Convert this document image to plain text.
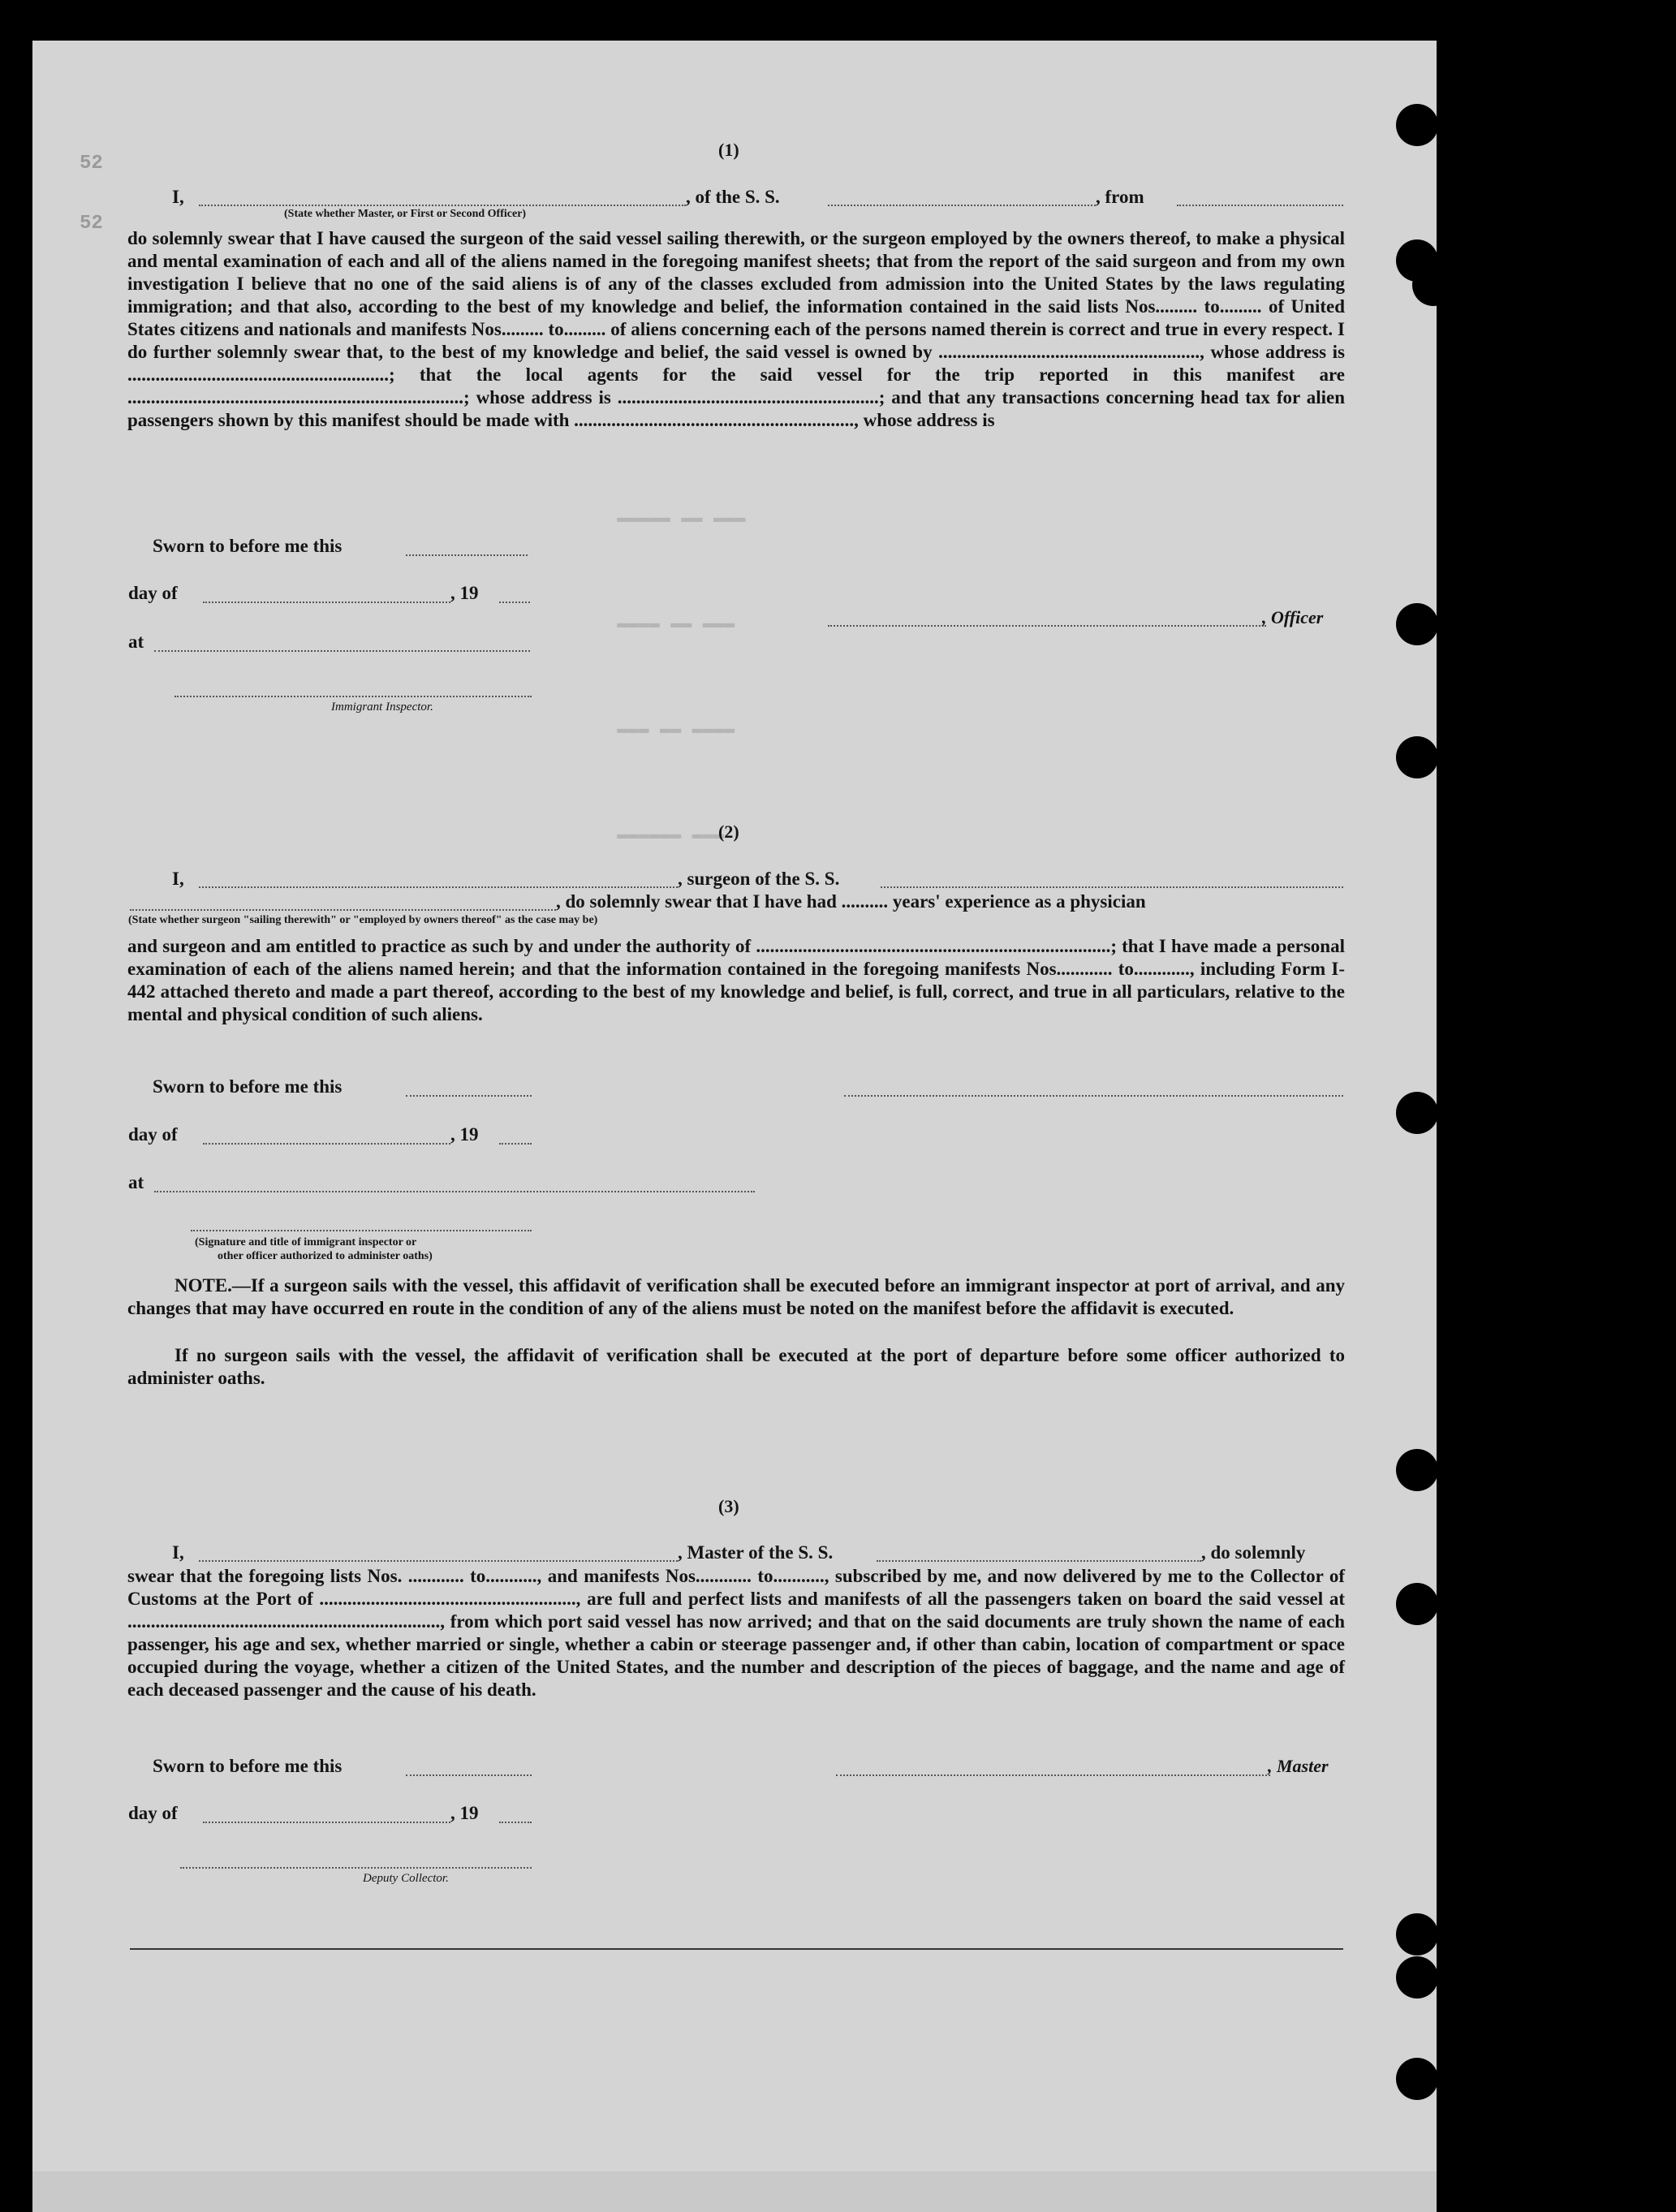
52
52
▬▬▬ ▬▬ ▬▬▬▬▬
▬▬▬ ▬▬ ▬▬▬▬
▬▬▬▬ ▬▬ ▬▬▬
▬▬▬ ▬▬▬▬▬▬
(1)
I,	, of the S. S.	, from
(State whether Master, or First or Second Officer)
do solemnly swear that I have caused the surgeon of the said vessel sailing therewith, or the surgeon employed by the owners thereof, to make a physical and mental examination of each and all of the aliens named in the foregoing manifest sheets; that from the report of the said surgeon and from my own investigation I believe that no one of the said aliens is of any of the classes excluded from admission into the United States by the laws regulating immigration; and that also, according to the best of my knowledge and belief, the information contained in the said lists Nos......... to......... of United States citizens and nationals and manifests Nos......... to......... of aliens concerning each of the persons named therein is correct and true in every respect. I do further solemnly swear that, to the best of my knowledge and belief, the said vessel is owned by ........................................................, whose address is ........................................................; that the local agents for the said vessel for the trip reported in this manifest are ........................................................................; whose address is ........................................................; and that any transactions concerning head tax for alien passengers shown by this manifest should be made with ............................................................, whose address is
Sworn to before me this
day of	, 19
at
, Officer
Immigrant Inspector.
(2)
I,	, surgeon of the S. S.
, do solemnly swear that I have had .......... years' experience as a physician
(State whether surgeon "sailing therewith" or "employed by owners thereof" as the case may be)
and surgeon and am entitled to practice as such by and under the authority of ............................................................................; that I have made a personal examination of each of the aliens named herein; and that the information contained in the foregoing manifests Nos............ to............, including Form I-442 attached thereto and made a part thereof, according to the best of my knowledge and belief, is full, correct, and true in all particulars, relative to the mental and physical condition of such aliens.
Sworn to before me this
day of	, 19
at
(Signature and title of immigrant inspector or
other officer authorized to administer oaths)
NOTE.—If a surgeon sails with the vessel, this affidavit of verification shall be executed before an immigrant inspector at port of arrival, and any changes that may have occurred en route in the condition of any of the aliens must be noted on the manifest before the affidavit is executed.
If no surgeon sails with the vessel, the affidavit of verification shall be executed at the port of departure before some officer authorized to administer oaths.
(3)
I,	, Master of the S. S.	, do solemnly
swear that the foregoing lists Nos. ............ to..........., and manifests Nos............ to..........., subscribed by me, and now delivered by me to the Collector of Customs at the Port of ......................................................., are full and perfect lists and manifests of all the passengers taken on board the said vessel at ..................................................................., from which port said vessel has now arrived; and that on the said documents are truly shown the name of each passenger, his age and sex, whether married or single, whether a cabin or steerage passenger and, if other than cabin, location of compartment or space occupied during the voyage, whether a citizen of the United States, and the number and description of the pieces of baggage, and the name and age of each deceased passenger and the cause of his death.
Sworn to before me this	, Master
day of	, 19
Deputy Collector.
